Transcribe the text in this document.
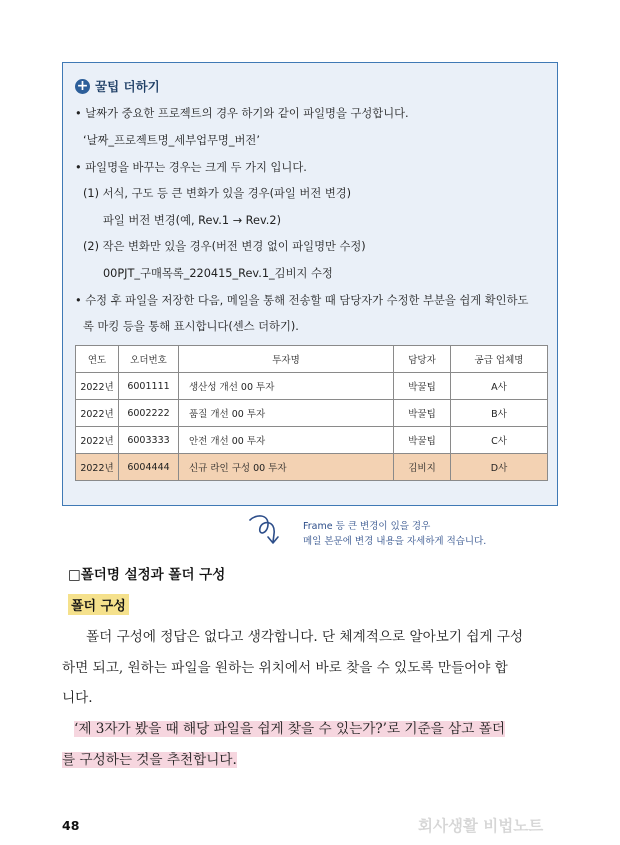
+ 꿀팁 더하기
• 날짜가 중요한 프로젝트의 경우 하기와 같이 파일명을 구성합니다.
‘날짜_프로젝트명_세부업무명_버전’
• 파일명을 바꾸는 경우는 크게 두 가지 입니다.
(1) 서식, 구도 등 큰 변화가 있을 경우(파일 버전 변경)
파일 버전 변경(예, Rev.1 → Rev.2)
(2) 작은 변화만 있을 경우(버전 변경 없이 파일명만 수정)
00PJT_구매목록_220415_Rev.1_김비지 수정
• 수정 후 파일을 저장한 다음, 메일을 통해 전송할 때 담당자가 수정한 부분을 쉽게 확인하도
록 마킹 등을 통해 표시합니다(센스 더하기).
연도	오더번호	투자명	담당자	공급 업체명
2022년	6001111	생산성 개선 00 투자	박꿀팁	A사
2022년	6002222	품질 개선 00 투자	박꿀팁	B사
2022년	6003333	안전 개선 00 투자	박꿀팁	C사
2022년	6004444	신규 라인 구성 00 투자	김비지	D사
Frame 등 큰 변경이 있을 경우
메일 본문에 변경 내용을 자세하게 적습니다.
□폴더명 설정과 폴더 구성
폴더 구성
폴더 구성에 정답은 없다고 생각합니다. 단 체계적으로 알아보기 쉽게 구성
하면 되고, 원하는 파일을 원하는 위치에서 바로 찾을 수 있도록 만들어야 합
니다.
‘제 3자가 봤을 때 해당 파일을 쉽게 찾을 수 있는가?’로 기준을 삼고 폴더
를 구성하는 것을 추천합니다.
48	회사생활 비법노트
